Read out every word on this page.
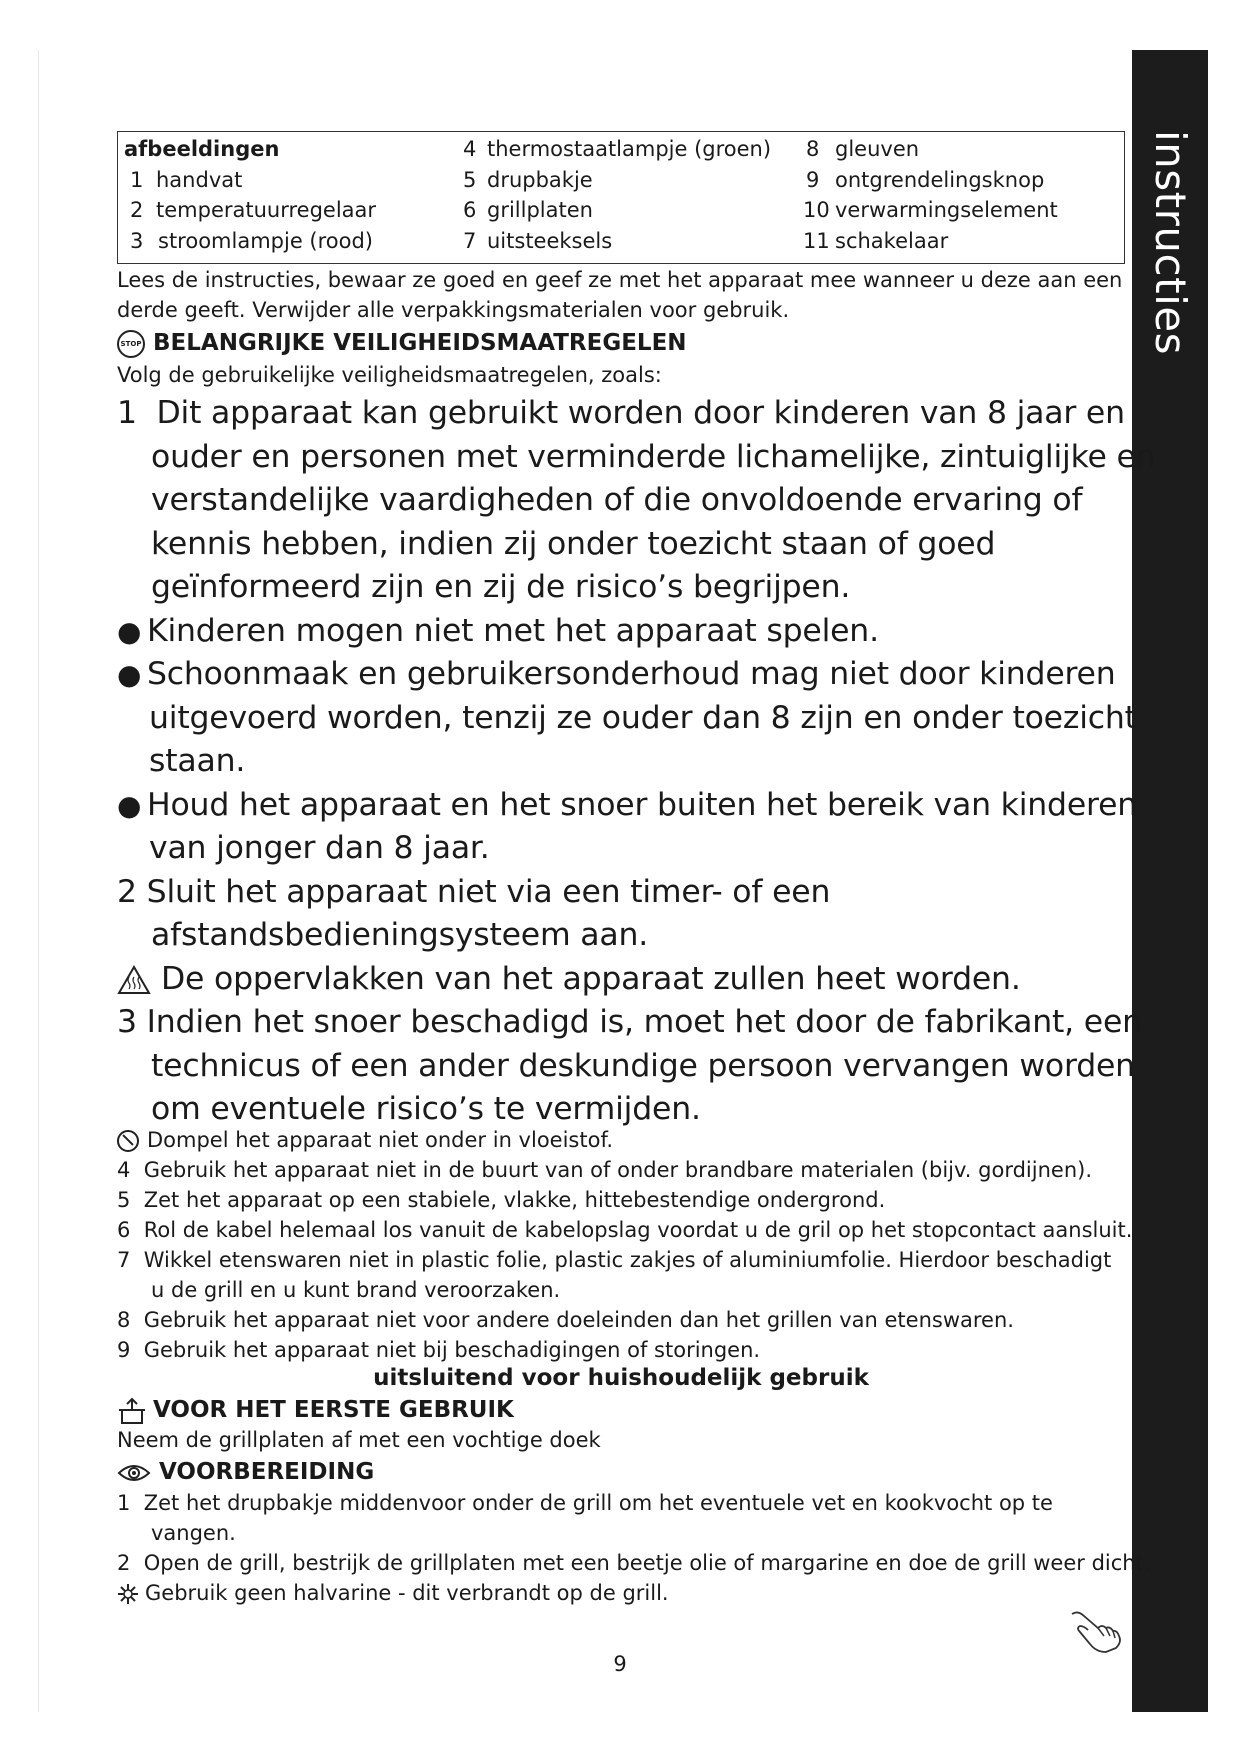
instructies
afbeeldingen
1 handvat
2 temperatuurregelaar
3 stroomlampje (rood)
4 thermostaatlampje (groen)
5 drupbakje
6 grillplaten
7 uitsteeksels
8 gleuven
9 ontgrendelingsknop
10 verwarmingselement
11 schakelaar
Lees de instructies, bewaar ze goed en geef ze met het apparaat mee wanneer u deze aan een
derde geeft. Verwijder alle verpakkingsmaterialen voor gebruik.
STOP BELANGRIJKE VEILIGHEIDSMAATREGELEN
Volg de gebruikelijke veiligheidsmaatregelen, zoals:
1 Dit apparaat kan gebruikt worden door kinderen van 8 jaar en
ouder en personen met verminderde lichamelijke, zintuiglijke en
verstandelijke vaardigheden of die onvoldoende ervaring of
kennis hebben, indien zij onder toezicht staan of goed
geïnformeerd zijn en zij de risico’s begrijpen.
● Kinderen mogen niet met het apparaat spelen.
● Schoonmaak en gebruikersonderhoud mag niet door kinderen
uitgevoerd worden, tenzij ze ouder dan 8 zijn en onder toezicht
staan.
● Houd het apparaat en het snoer buiten het bereik van kinderen
van jonger dan 8 jaar.
2 Sluit het apparaat niet via een timer- of een
afstandsbedieningsysteem aan.
De oppervlakken van het apparaat zullen heet worden.
3 Indien het snoer beschadigd is, moet het door de fabrikant, een
technicus of een ander deskundige persoon vervangen worden
om eventuele risico’s te vermijden.
Dompel het apparaat niet onder in vloeistof.
4 Gebruik het apparaat niet in de buurt van of onder brandbare materialen (bijv. gordijnen).
5 Zet het apparaat op een stabiele, vlakke, hittebestendige ondergrond.
6 Rol de kabel helemaal los vanuit de kabelopslag voordat u de gril op het stopcontact aansluit.
7 Wikkel etenswaren niet in plastic folie, plastic zakjes of aluminiumfolie. Hierdoor beschadigt
u de grill en u kunt brand veroorzaken.
8 Gebruik het apparaat niet voor andere doeleinden dan het grillen van etenswaren.
9 Gebruik het apparaat niet bij beschadigingen of storingen.
uitsluitend voor huishoudelijk gebruik
VOOR HET EERSTE GEBRUIK
Neem de grillplaten af met een vochtige doek
VOORBEREIDING
1 Zet het drupbakje middenvoor onder de grill om het eventuele vet en kookvocht op te
vangen.
2 Open de grill, bestrijk de grillplaten met een beetje olie of margarine en doe de grill weer dicht.
Gebruik geen halvarine - dit verbrandt op de grill.
9
